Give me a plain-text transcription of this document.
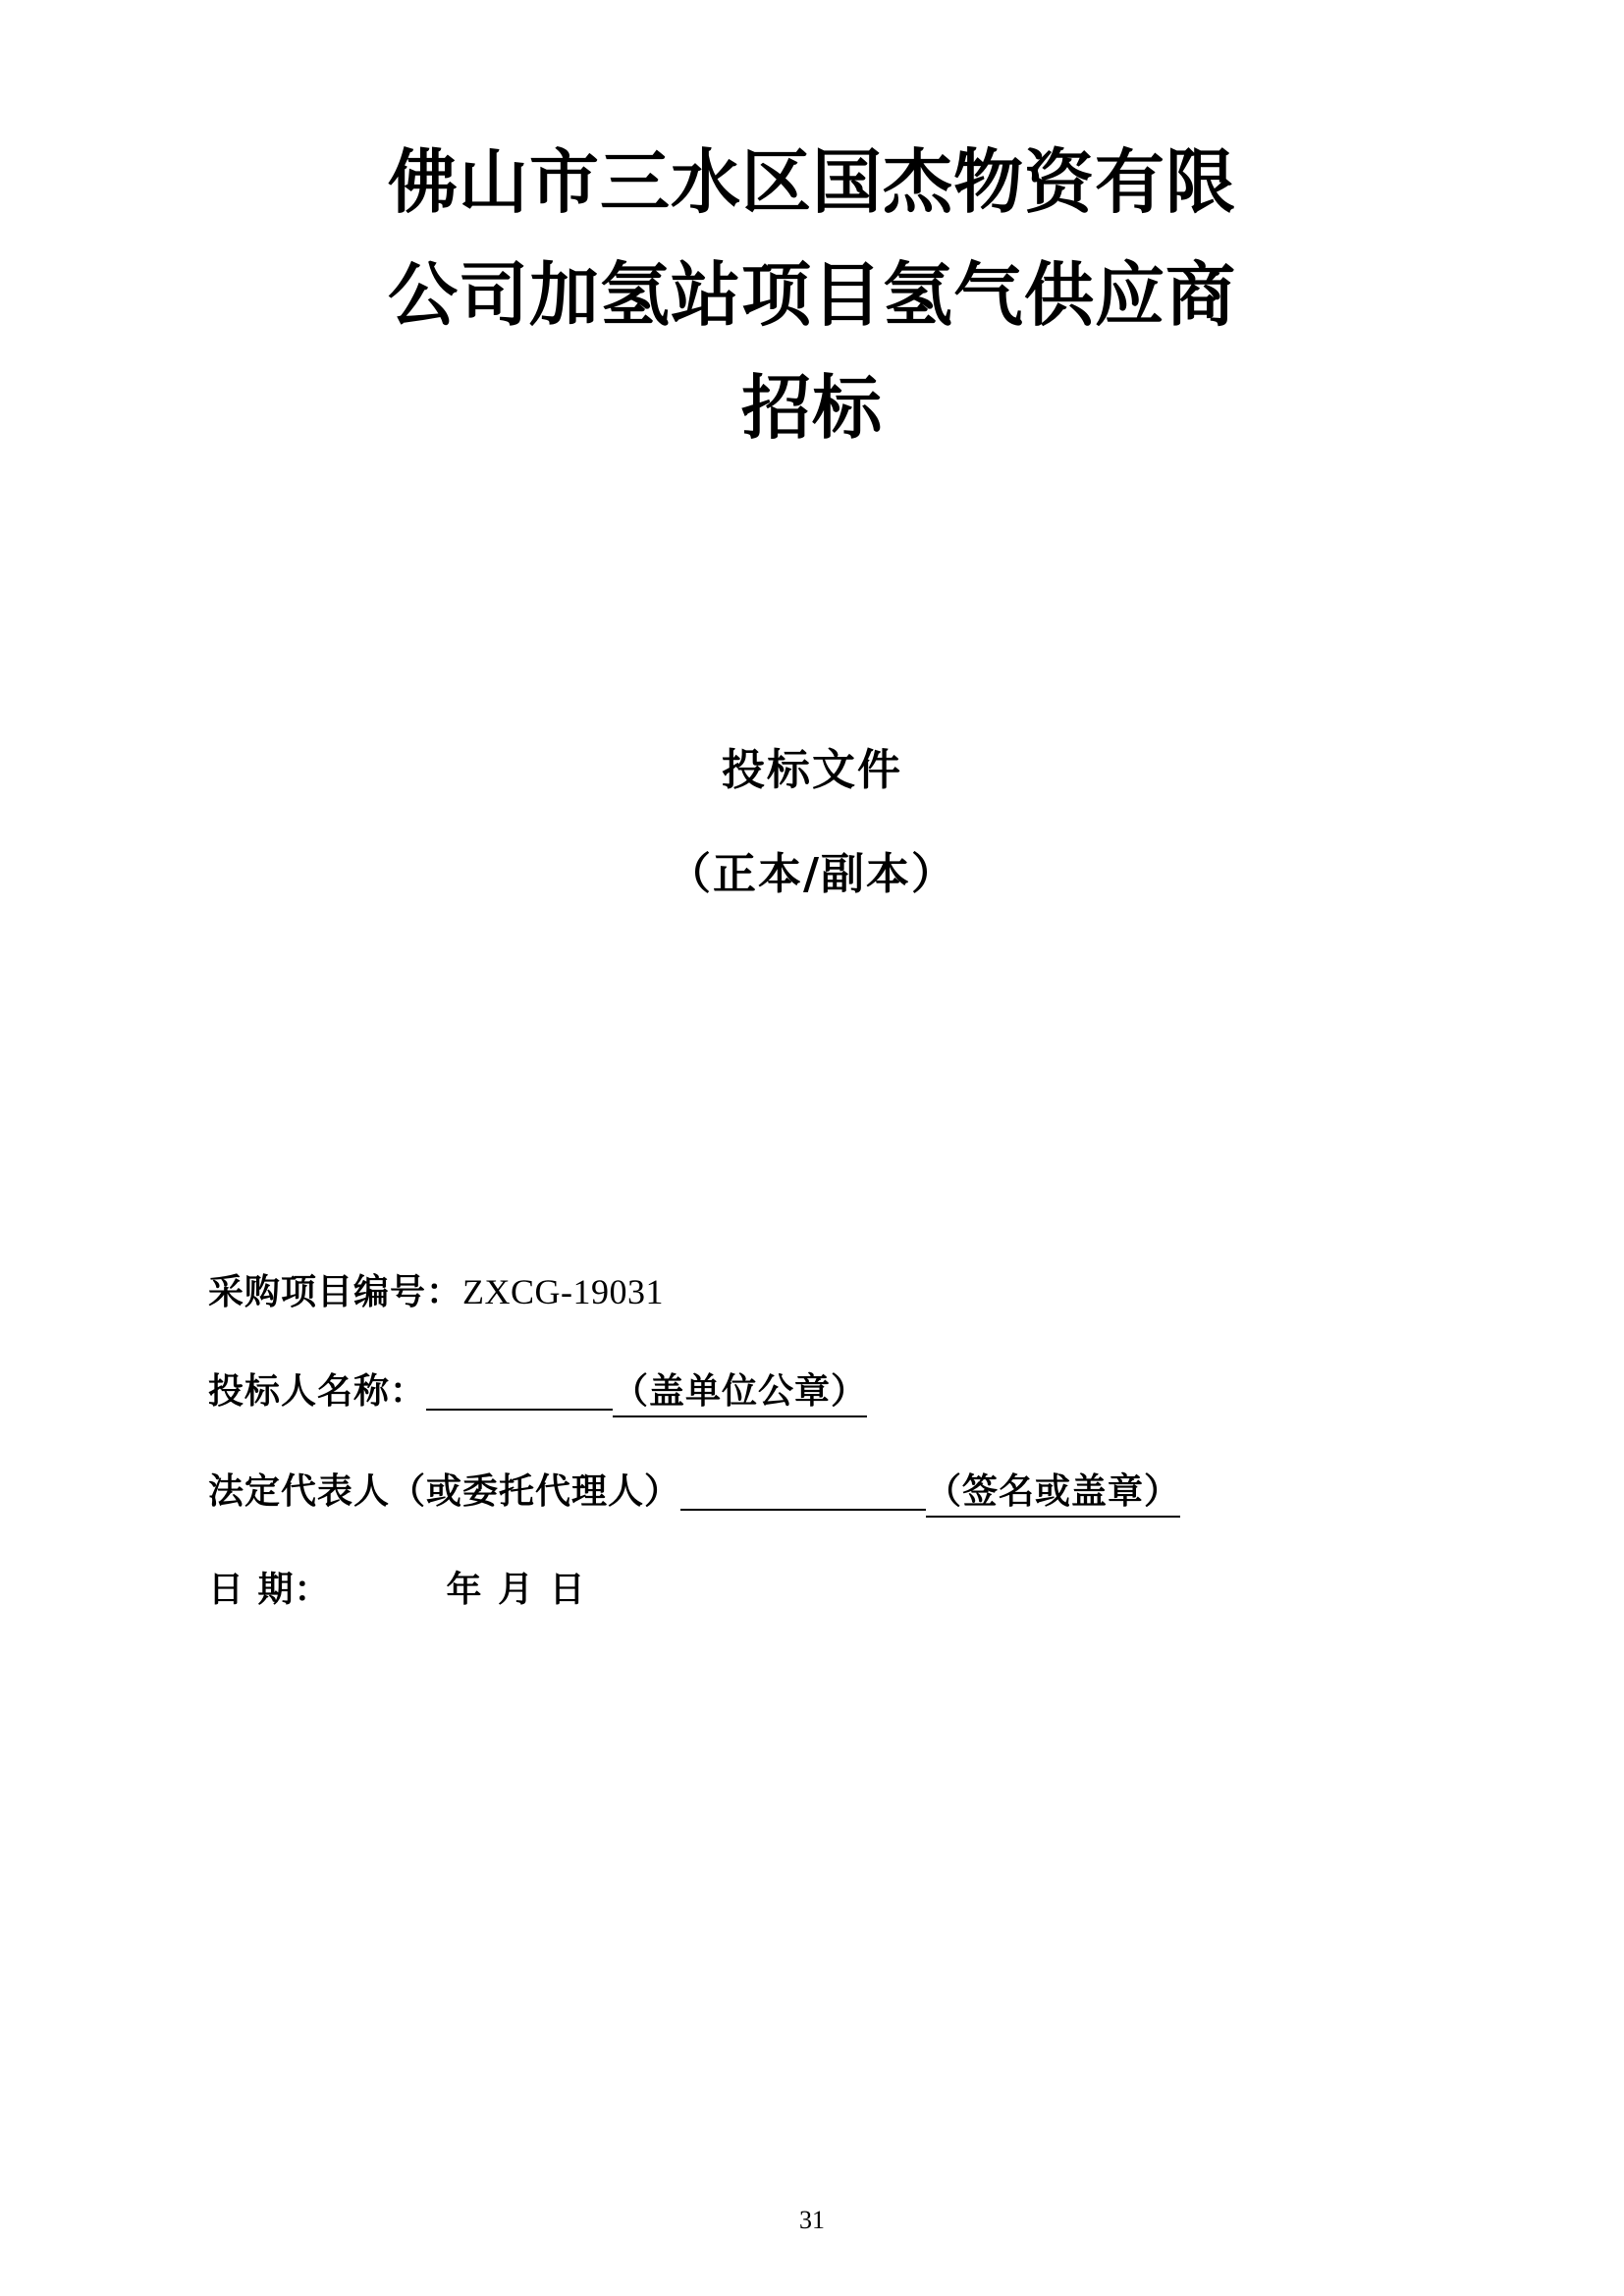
佛山市三水区国杰物资有限
公司加氢站项目氢气供应商
招标
投标文件
（正本/副本）
采购项目编号：ZXCG-19031
投标人名称：	（盖单位公章）
法定代表人（或委托代理人）	（签名或盖章）
日 期：	年 月 日
31
